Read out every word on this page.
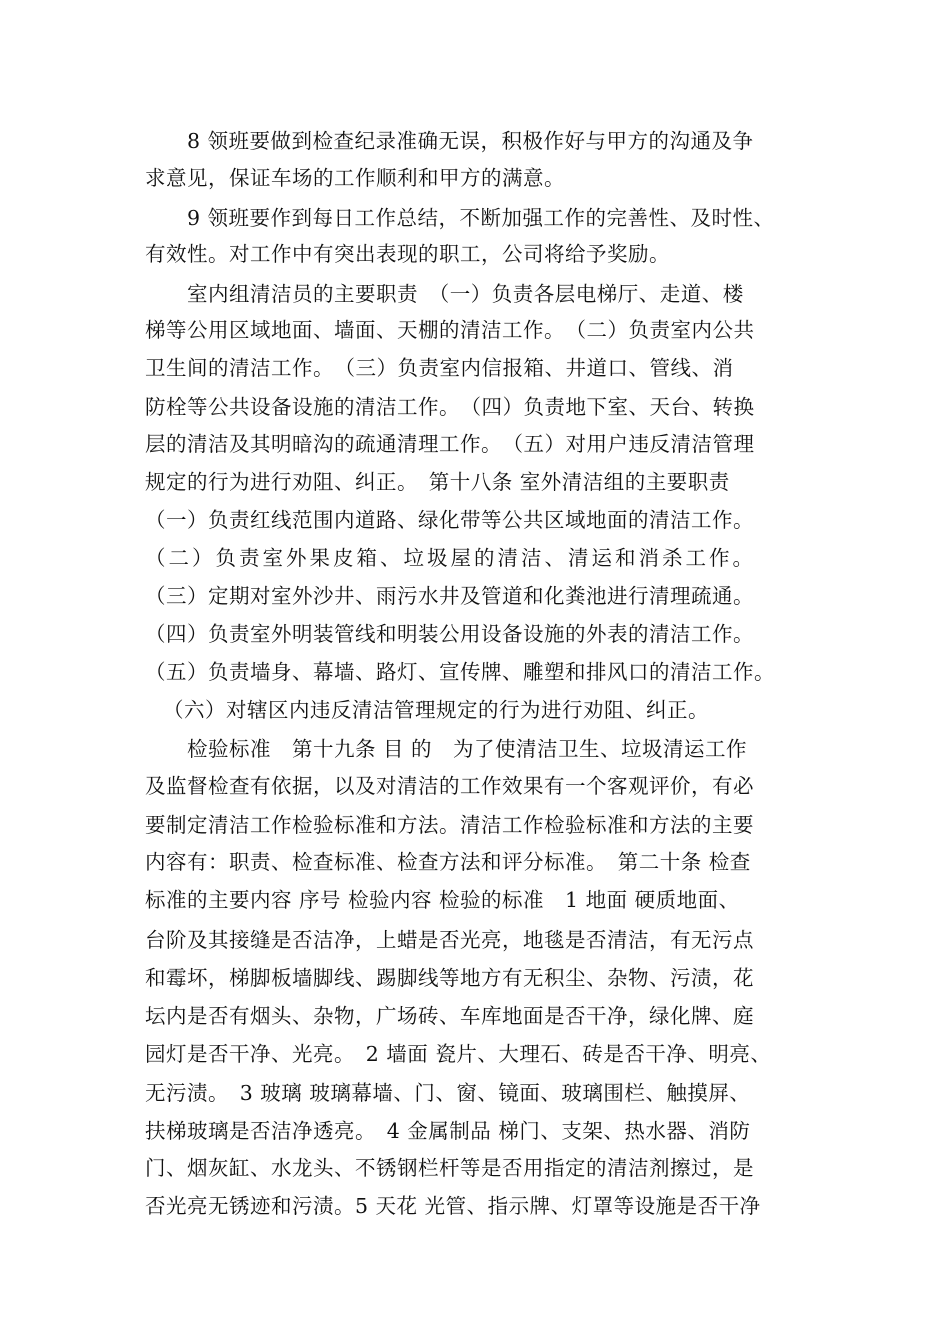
8 领班要做到检查纪录准确无误，积极作好与甲方的沟通及争
求意见，保证车场的工作顺利和甲方的满意。
9 领班要作到每日工作总结，不断加强工作的完善性、及时性、
有效性。对工作中有突出表现的职工，公司将给予奖励。
室内组清洁员的主要职责　（一）负责各层电梯厅、走道、楼
梯等公用区域地面、墙面、天棚的清洁工作。　（二）负责室内公共
卫生间的清洁工作。　（三）负责室内信报箱、井道口、管线、消
防栓等公共设备设施的清洁工作。　（四）负责地下室、天台、转换
层的清洁及其明暗沟的疏通清理工作。　（五）对用户违反清洁管理
规定的行为进行劝阻、纠正。　第十八条 室外清洁组的主要职责
（一）负责红线范围内道路、绿化带等公共区域地面的清洁工作。
（二）负责室外果皮箱、垃圾屋的清洁、清运和消杀工作。
（三）定期对室外沙井、雨污水井及管道和化粪池进行清理疏通。
（四）负责室外明装管线和明装公用设备设施的外表的清洁工作。
（五）负责墙身、幕墙、路灯、宣传牌、雕塑和排风口的清洁工作。
（六）对辖区内违反清洁管理规定的行为进行劝阻、纠正。
检验标准　第十九条 目 的　为了使清洁卫生、垃圾清运工作
及监督检查有依据，以及对清洁的工作效果有一个客观评价，有必
要制定清洁工作检验标准和方法。清洁工作检验标准和方法的主要
内容有：职责、检查标准、检查方法和评分标准。　第二十条 检查
标准的主要内容 序号 检验内容 检验的标准　1 地面 硬质地面、
台阶及其接缝是否洁净，上蜡是否光亮，地毯是否清洁，有无污点
和霉坏，梯脚板墙脚线、踢脚线等地方有无积尘、杂物、污渍，花
坛内是否有烟头、杂物，广场砖、车库地面是否干净，绿化牌、庭
园灯是否干净、光亮。　2 墙面 瓷片、大理石、砖是否干净、明亮、
无污渍。　3 玻璃 玻璃幕墙、门、窗、镜面、玻璃围栏、触摸屏、
扶梯玻璃是否洁净透亮。　4 金属制品 梯门、支架、热水器、消防
门、烟灰缸、水龙头、不锈钢栏杆等是否用指定的清洁剂擦过，是
否光亮无锈迹和污渍。5 天花 光管、指示牌、灯罩等设施是否干净
